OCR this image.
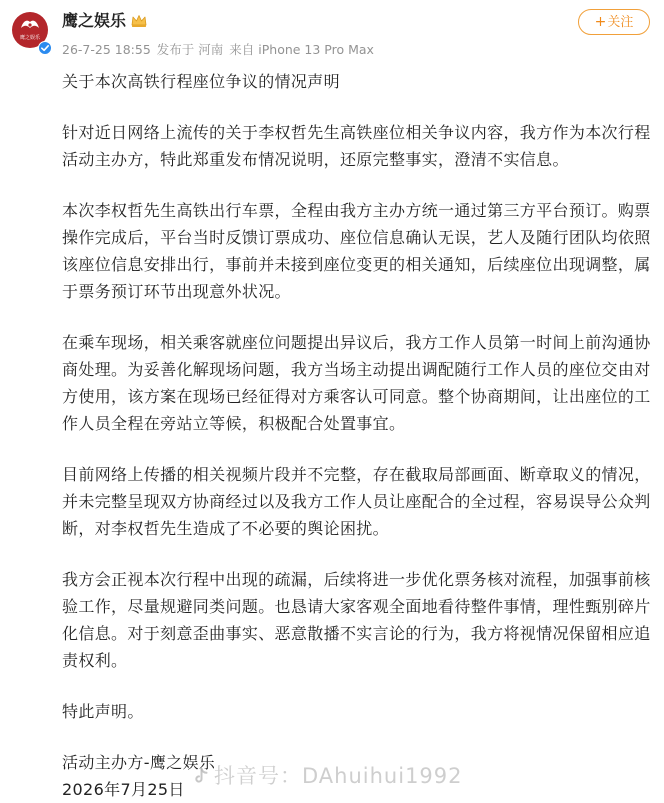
鹰之娱乐
鹰之娱乐
26-7-25 18:55 发布于 河南 来自 iPhone 13 Pro Max
+关注

关于本次高铁行程座位争议的情况声明

针对近日网络上流传的关于李权哲先生高铁座位相关争议内容，我方作为本次行程
活动主办方，特此郑重发布情况说明，还原完整事实，澄清不实信息。

本次李权哲先生高铁出行车票，全程由我方主办方统一通过第三方平台预订。购票
操作完成后，平台当时反馈订票成功、座位信息确认无误，艺人及随行团队均依照
该座位信息安排出行，事前并未接到座位变更的相关通知，后续座位出现调整，属
于票务预订环节出现意外状况。

在乘车现场，相关乘客就座位问题提出异议后，我方工作人员第一时间上前沟通协
商处理。为妥善化解现场问题，我方当场主动提出调配随行工作人员的座位交由对
方使用，该方案在现场已经征得对方乘客认可同意。整个协商期间，让出座位的工
作人员全程在旁站立等候，积极配合处置事宜。

目前网络上传播的相关视频片段并不完整，存在截取局部画面、断章取义的情况，
并未完整呈现双方协商经过以及我方工作人员让座配合的全过程，容易误导公众判
断，对李权哲先生造成了不必要的舆论困扰。

我方会正视本次行程中出现的疏漏，后续将进一步优化票务核对流程，加强事前核
验工作，尽量规避同类问题。也恳请大家客观全面地看待整件事情，理性甄别碎片
化信息。对于刻意歪曲事实、恶意散播不实言论的行为，我方将视情况保留相应追
责权利。

特此声明。

活动主办方-鹰之娱乐

2026年7月25日

抖音号：DAhuihui1992
